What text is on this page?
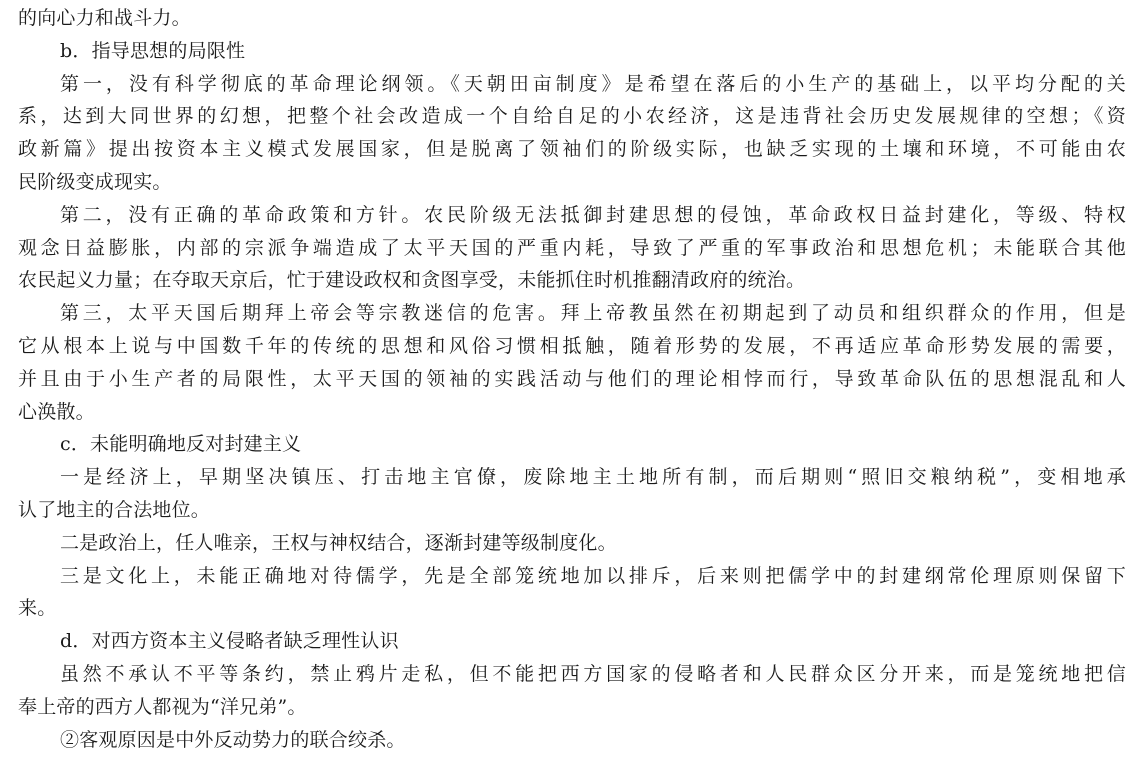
的向心力和战斗力。
b．指导思想的局限性
第一，没有科学彻底的革命理论纲领。《天朝田亩制度》是希望在落后的小生产的基础上，以平均分配的关
系，达到大同世界的幻想，把整个社会改造成一个自给自足的小农经济，这是违背社会历史发展规律的空想；《资
政新篇》提出按资本主义模式发展国家，但是脱离了领袖们的阶级实际，也缺乏实现的土壤和环境，不可能由农
民阶级变成现实。
第二，没有正确的革命政策和方针。农民阶级无法抵御封建思想的侵蚀，革命政权日益封建化，等级、特权
观念日益膨胀，内部的宗派争端造成了太平天国的严重内耗，导致了严重的军事政治和思想危机；未能联合其他
农民起义力量；在夺取天京后，忙于建设政权和贪图享受，未能抓住时机推翻清政府的统治。
第三，太平天国后期拜上帝会等宗教迷信的危害。拜上帝教虽然在初期起到了动员和组织群众的作用，但是
它从根本上说与中国数千年的传统的思想和风俗习惯相抵触，随着形势的发展，不再适应革命形势发展的需要，
并且由于小生产者的局限性，太平天国的领袖的实践活动与他们的理论相悖而行，导致革命队伍的思想混乱和人
心涣散。
c．未能明确地反对封建主义
一是经济上，早期坚决镇压、打击地主官僚，废除地主土地所有制，而后期则“照旧交粮纳税”，变相地承
认了地主的合法地位。
二是政治上，任人唯亲，王权与神权结合，逐渐封建等级制度化。
三是文化上，未能正确地对待儒学，先是全部笼统地加以排斥，后来则把儒学中的封建纲常伦理原则保留下
来。
d．对西方资本主义侵略者缺乏理性认识
虽然不承认不平等条约，禁止鸦片走私，但不能把西方国家的侵略者和人民群众区分开来，而是笼统地把信
奉上帝的西方人都视为“洋兄弟”。
②客观原因是中外反动势力的联合绞杀。
